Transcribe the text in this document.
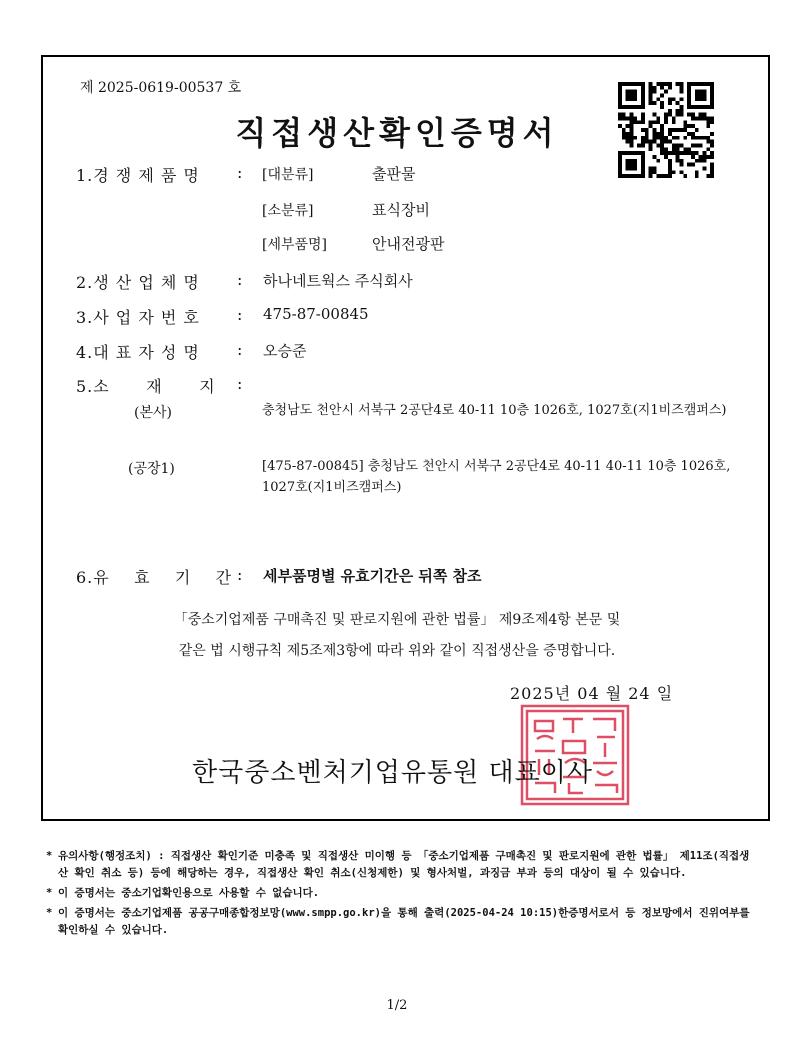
제 2025-0619-00537 호
직접생산확인증명서
1.경 쟁 제 품 명 : [대분류]	출판물
[소분류]	표식장비
[세부품명]	안내전광판
2.생 산 업 체 명 : 하나네트웍스 주식회사
3.사 업 자 번 호 : 475-87-00845
4.대 표 자 성 명 : 오승준
5.소      재      지 :
(본사)	충청남도 천안시 서북구 2공단4로 40-11 10층 1026호, 1027호(지1비즈캠퍼스)
(공장1)	[475-87-00845] 충청남도 천안시 서북구 2공단4로 40-11 40-11 10층 1026호, 1027호(지1비즈캠퍼스)
6.유    효    기    간 : 세부품명별 유효기간은 뒤쪽 참조
「중소기업제품 구매촉진 및 판로지원에 관한 법률」 제9조제4항 본문 및
같은 법 시행규칙 제5조제3항에 따라 위와 같이 직접생산을 증명합니다.
2025년 04 월 24 일
한국중소벤처기업유통원 대표이사
* 유의사항(행정조치) : 직접생산 확인기준 미충족 및 직접생산 미이행 등 「중소기업제품 구매촉진 및 판로지원에 관한 법률」 제11조(직접생산 확인 취소 등) 등에 해당하는 경우, 직접생산 확인 취소(신청제한) 및 형사처벌, 과징금 부과 등의 대상이 될 수 있습니다.
* 이 증명서는 중소기업확인용으로 사용할 수 없습니다.
* 이 증명서는 중소기업제품 공공구매종합정보망(www.smpp.go.kr)을 통해 출력(2025-04-24 10:15)한증명서로서 등 정보망에서 진위여부를 확인하실 수 있습니다.
1/2
